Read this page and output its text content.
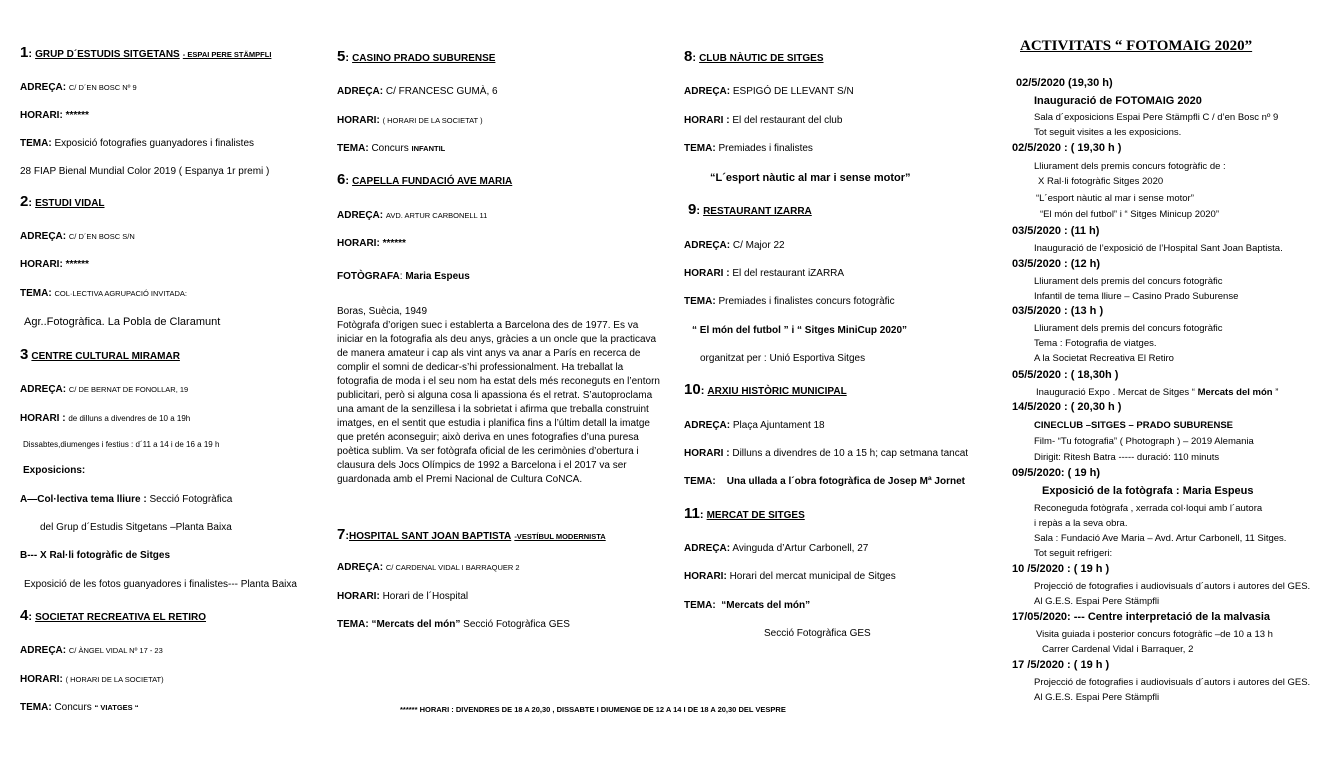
1: GRUP D´ESTUDIS SITGETANS - ESPAI PERE STÄMPFLI
ADREÇA: C/ D´EN BOSC Nº 9
HORARI: ******
TEMA: Exposició fotografies guanyadores i finalistes
28 FIAP Bienal Mundial Color 2019 ( Espanya 1r premi )
2: ESTUDI VIDAL
ADREÇA: C/ D´EN BOSC S/N
HORARI: ******
TEMA: COL·LECTIVA AGRUPACIÓ INVITADA:
Agr..Fotogràfica. La Pobla de Claramunt
3 CENTRE CULTURAL MIRAMAR
ADREÇA: C/ DE BERNAT DE FONOLLAR, 19
HORARI : de dilluns a divendres de 10 a 19h
Dissabtes,diumenges i festius : d´11 a 14 i de 16 a 19 h
Exposicions:
A—Col·lectiva tema lliure : Secció Fotogràfica
del Grup d´Estudis Sitgetans –Planta Baixa
B--- X Ral·li fotogràfic de Sitges
Exposició de les fotos guanyadores i finalistes--- Planta Baixa
4: SOCIETAT RECREATIVA EL RETIRO
ADREÇA: C/ ÀNGEL VIDAL Nº 17 - 23
HORARI: ( HORARI DE LA SOCIETAT)
TEMA: Concurs “ VIATGES “
5: CASINO PRADO SUBURENSE
ADREÇA: C/ FRANCESC GUMÀ, 6
HORARI: ( HORARI DE LA SOCIETAT )
TEMA: Concurs INFANTIL
6: CAPELLA FUNDACIÓ AVE MARIA
ADREÇA: AVD. ARTUR CARBONELL 11
HORARI: ******
FOTÒGRAFA: Maria Espeus

Boras, Suècia, 1949

Fotògrafa d’origen suec i establerta a Barcelona des de 1977. Es va iniciar en la fotografia als deu anys, gràcies a un oncle que la practicava de manera amateur i cap als vint anys va anar a París en recerca de complir el somni de dedicar-s’hi professionalment. Ha treballat la fotografia de moda i el seu nom ha estat dels més reconeguts en l’entorn publicitari, però si alguna cosa li apassiona és el retrat. S’autoproclama una amant de la senzillesa i la sobrietat i afirma que treballa construint imatges, en el sentit que estudia i planifica fins a l’últim detall la imatge que pretén aconseguir; això deriva en unes fotografies d’una puresa poètica sublim. Va ser fotògrafa oficial de les cerimònies d’obertura i clausura dels Jocs Olímpics de 1992 a Barcelona i el 2017 va ser guardonada amb el Premi Nacional de Cultura CoNCA.

7:HOSPITAL SANT JOAN BAPTISTA -VESTÍBUL MODERNISTA
ADREÇA: C/ CARDENAL VIDAL I BARRAQUER 2
HORARI: Horari de l´Hospital
TEMA: “Mercats del món” Secció Fotogràfica GES
8: CLUB NÀUTIC DE SITGES
ADREÇA: ESPIGÓ DE LLEVANT S/N
HORARI : El del restaurant del club
TEMA: Premiades i finalistes
“L´esport nàutic al mar i sense motor”
9: RESTAURANT IZARRA
ADREÇA: C/ Major 22
HORARI : El del restaurant iZARRA
TEMA: Premiades i finalistes concurs fotogràfic
“ El món del futbol ” i “ Sitges MiniCup 2020”
organitzat per : Unió Esportiva Sitges
10: ARXIU HISTÒRIC MUNICIPAL
ADREÇA: Plaça Ajuntament 18
HORARI : Dilluns a divendres de 10 a 15 h; cap setmana tancat
TEMA: Una ullada a l´obra fotogràfica de Josep Mª Jornet
11: MERCAT DE SITGES
ADREÇA: Avinguda d’Artur Carbonell, 27
HORARI: Horari del mercat municipal de Sitges
TEMA: “Mercats del món”
Secció Fotogràfica GES
ACTIVITATS “ FOTOMAIG 2020”
02/5/2020 (19,30 h)
Inauguració de FOTOMAIG 2020
Sala d´exposicions Espai Pere Stämpfli C / d’en Bosc nº 9
Tot seguit visites a les exposicions.
02/5/2020 : ( 19,30 h )
Lliurament dels premis concurs fotogràfic de :
X Ral·li fotogràfic Sitges 2020
“L´esport nàutic al mar i sense motor”
“El món del futbol” i “ Sitges Minicup 2020”
03/5/2020 : (11 h)
Inauguració de l’exposició de l’Hospital Sant Joan Baptista.
03/5/2020 : (12 h)
Lliurament dels premis del concurs fotogràfic
Infantil de tema lliure – Casino Prado Suburense
03/5/2020 : (13 h )
Lliurament dels premis del concurs fotogràfic
Tema : Fotografia de viatges.
A la Societat Recreativa El Retiro
05/5/2020 : ( 18,30h )
Inauguració Expo . Mercat de Sitges “ Mercats del món ”
14/5/2020 : ( 20,30 h )
CINECLUB –SITGES – PRADO SUBURENSE
Film- “Tu fotografia” ( Photograph ) – 2019 Alemania
Dirigit: Ritesh Batra ----- duració: 110 minuts
09/5/2020: ( 19 h)
Exposició de la fotògrafa : Maria Espeus
Reconeguda fotògrafa , xerrada col·loqui amb l´autora
i repàs a la seva obra.
Sala : Fundació Ave Maria – Avd. Artur Carbonell, 11 Sitges.
Tot seguit refrigeri:
10 /5/2020 : ( 19 h )
Projecció de fotografies i audiovisuals d´autors i autores del GES.
Al G.E.S. Espai Pere Stämpfli
17/05/2020: --- Centre interpretació de la malvasia
Visita guiada i posterior concurs fotogràfic –de 10 a 13 h
Carrer Cardenal Vidal i Barraquer, 2
17 /5/2020 : ( 19 h )
Projecció de fotografies i audiovisuals d´autors i autores del GES.
Al G.E.S. Espai Pere Stämpfli
****** HORARI : DIVENDRES DE 18 A 20,30 , DISSABTE I DIUMENGE DE 12 A 14 I DE 18 A 20,30 DEL VESPRE
